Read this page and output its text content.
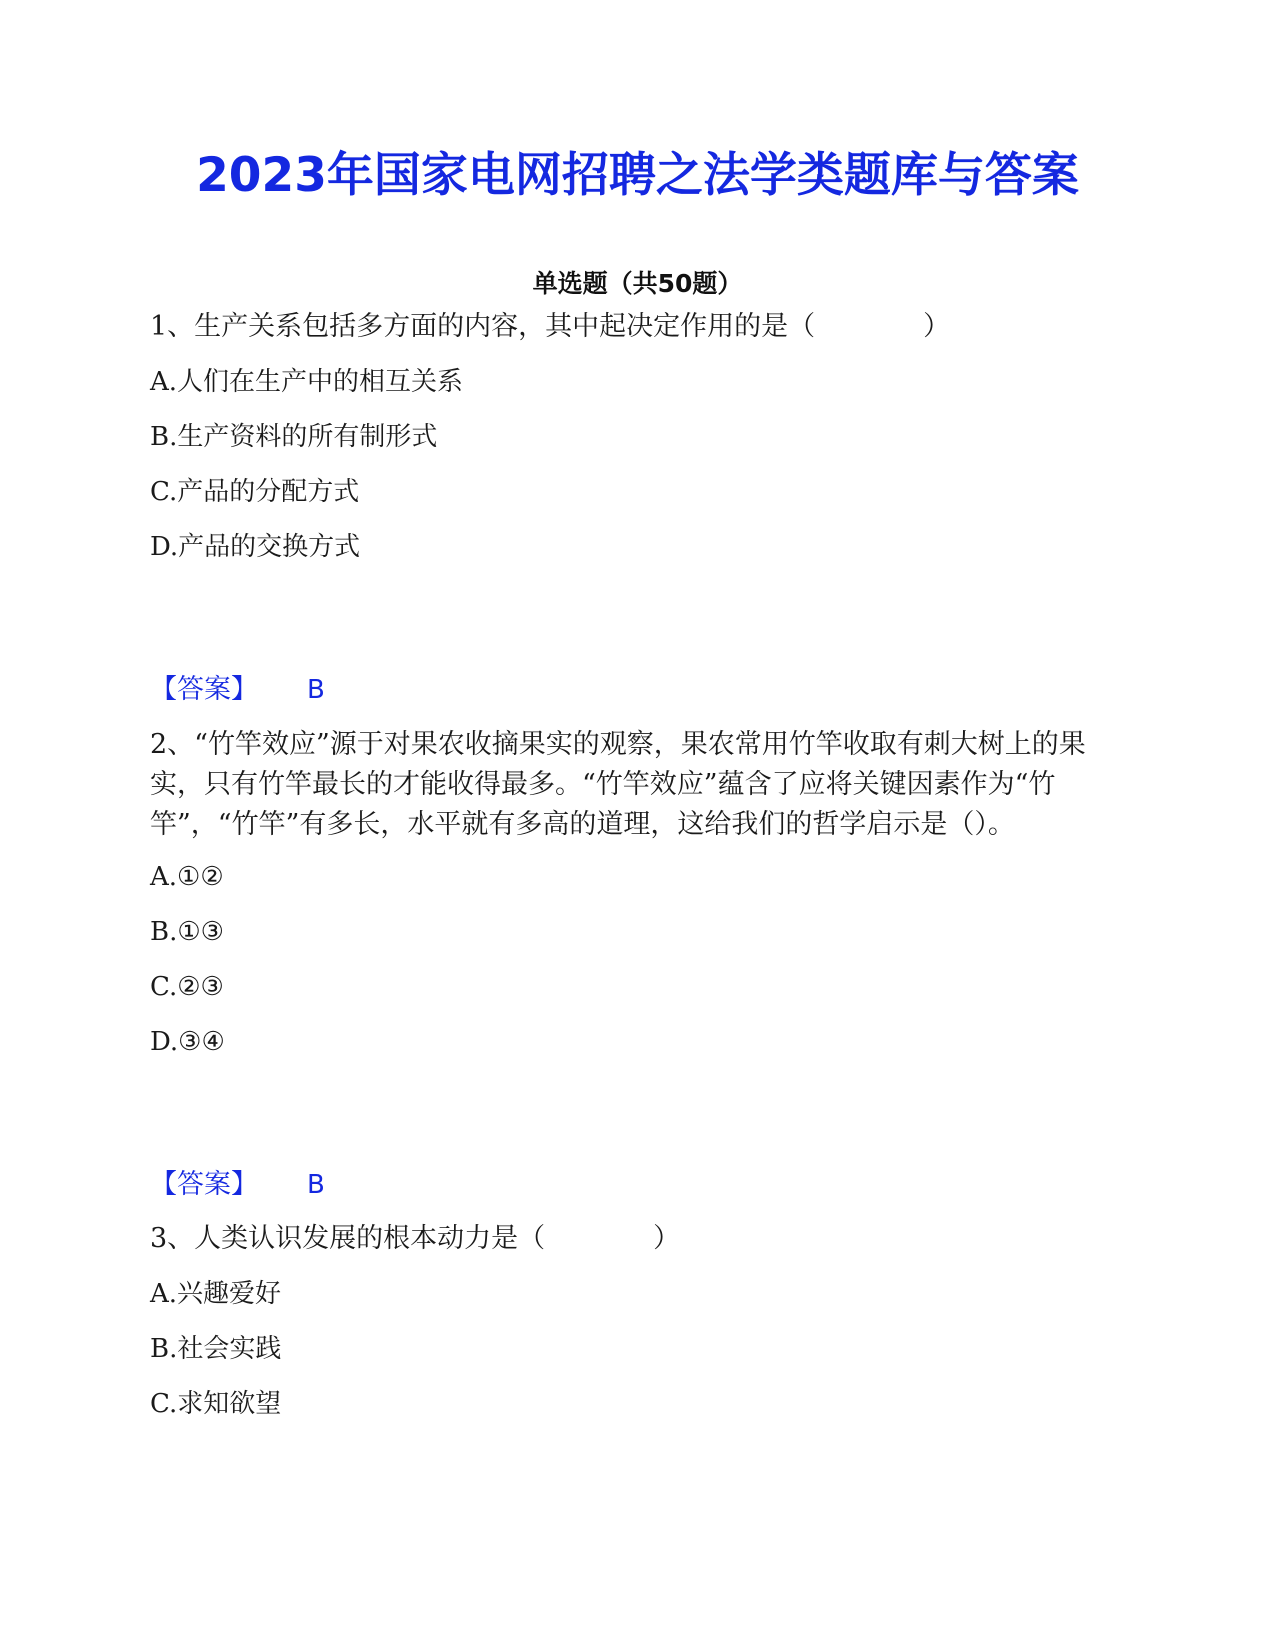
2023年国家电网招聘之法学类题库与答案
单选题（共50题）
1、生产关系包括多方面的内容，其中起决定作用的是（　　　　）
A.人们在生产中的相互关系
B.生产资料的所有制形式
C.产品的分配方式
D.产品的交换方式
【答案】 B
2、“竹竿效应”源于对果农收摘果实的观察，果农常用竹竿收取有刺大树上的果实，只有竹竿最长的才能收得最多。“竹竿效应”蕴含了应将关键因素作为“竹竿”，“竹竿”有多长，水平就有多高的道理，这给我们的哲学启示是（）。
A.①②
B.①③
C.②③
D.③④
【答案】 B
3、人类认识发展的根本动力是（　　　　）
A.兴趣爱好
B.社会实践
C.求知欲望
